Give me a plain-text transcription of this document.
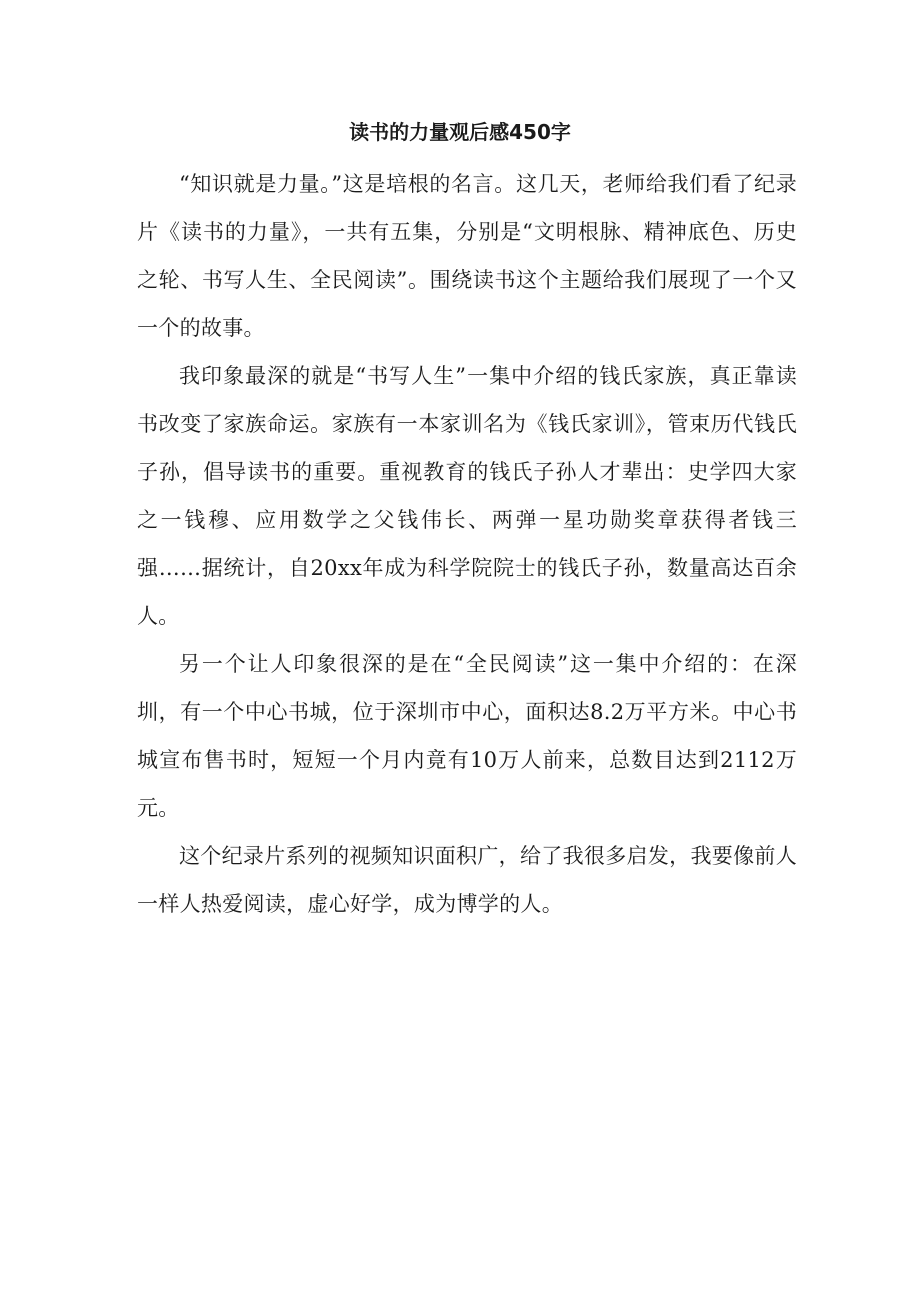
读书的力量观后感450字

“知识就是力量。”这是培根的名言。这几天，老师给我们看了纪录片《读书的力量》，一共有五集，分别是“文明根脉、精神底色、历史之轮、书写人生、全民阅读”。围绕读书这个主题给我们展现了一个又一个的故事。

我印象最深的就是“书写人生”一集中介绍的钱氏家族，真正靠读书改变了家族命运。家族有一本家训名为《钱氏家训》，管束历代钱氏子孙，倡导读书的重要。重视教育的钱氏子孙人才辈出：史学四大家之一钱穆、应用数学之父钱伟长、两弹一星功勋奖章获得者钱三强……据统计，自20xx年成为科学院院士的钱氏子孙，数量高达百余人。

另一个让人印象很深的是在“全民阅读”这一集中介绍的：在深圳，有一个中心书城，位于深圳市中心，面积达8.2万平方米。中心书城宣布售书时，短短一个月内竟有10万人前来，总数目达到2112万元。

这个纪录片系列的视频知识面积广，给了我很多启发，我要像前人一样人热爱阅读，虚心好学，成为博学的人。
